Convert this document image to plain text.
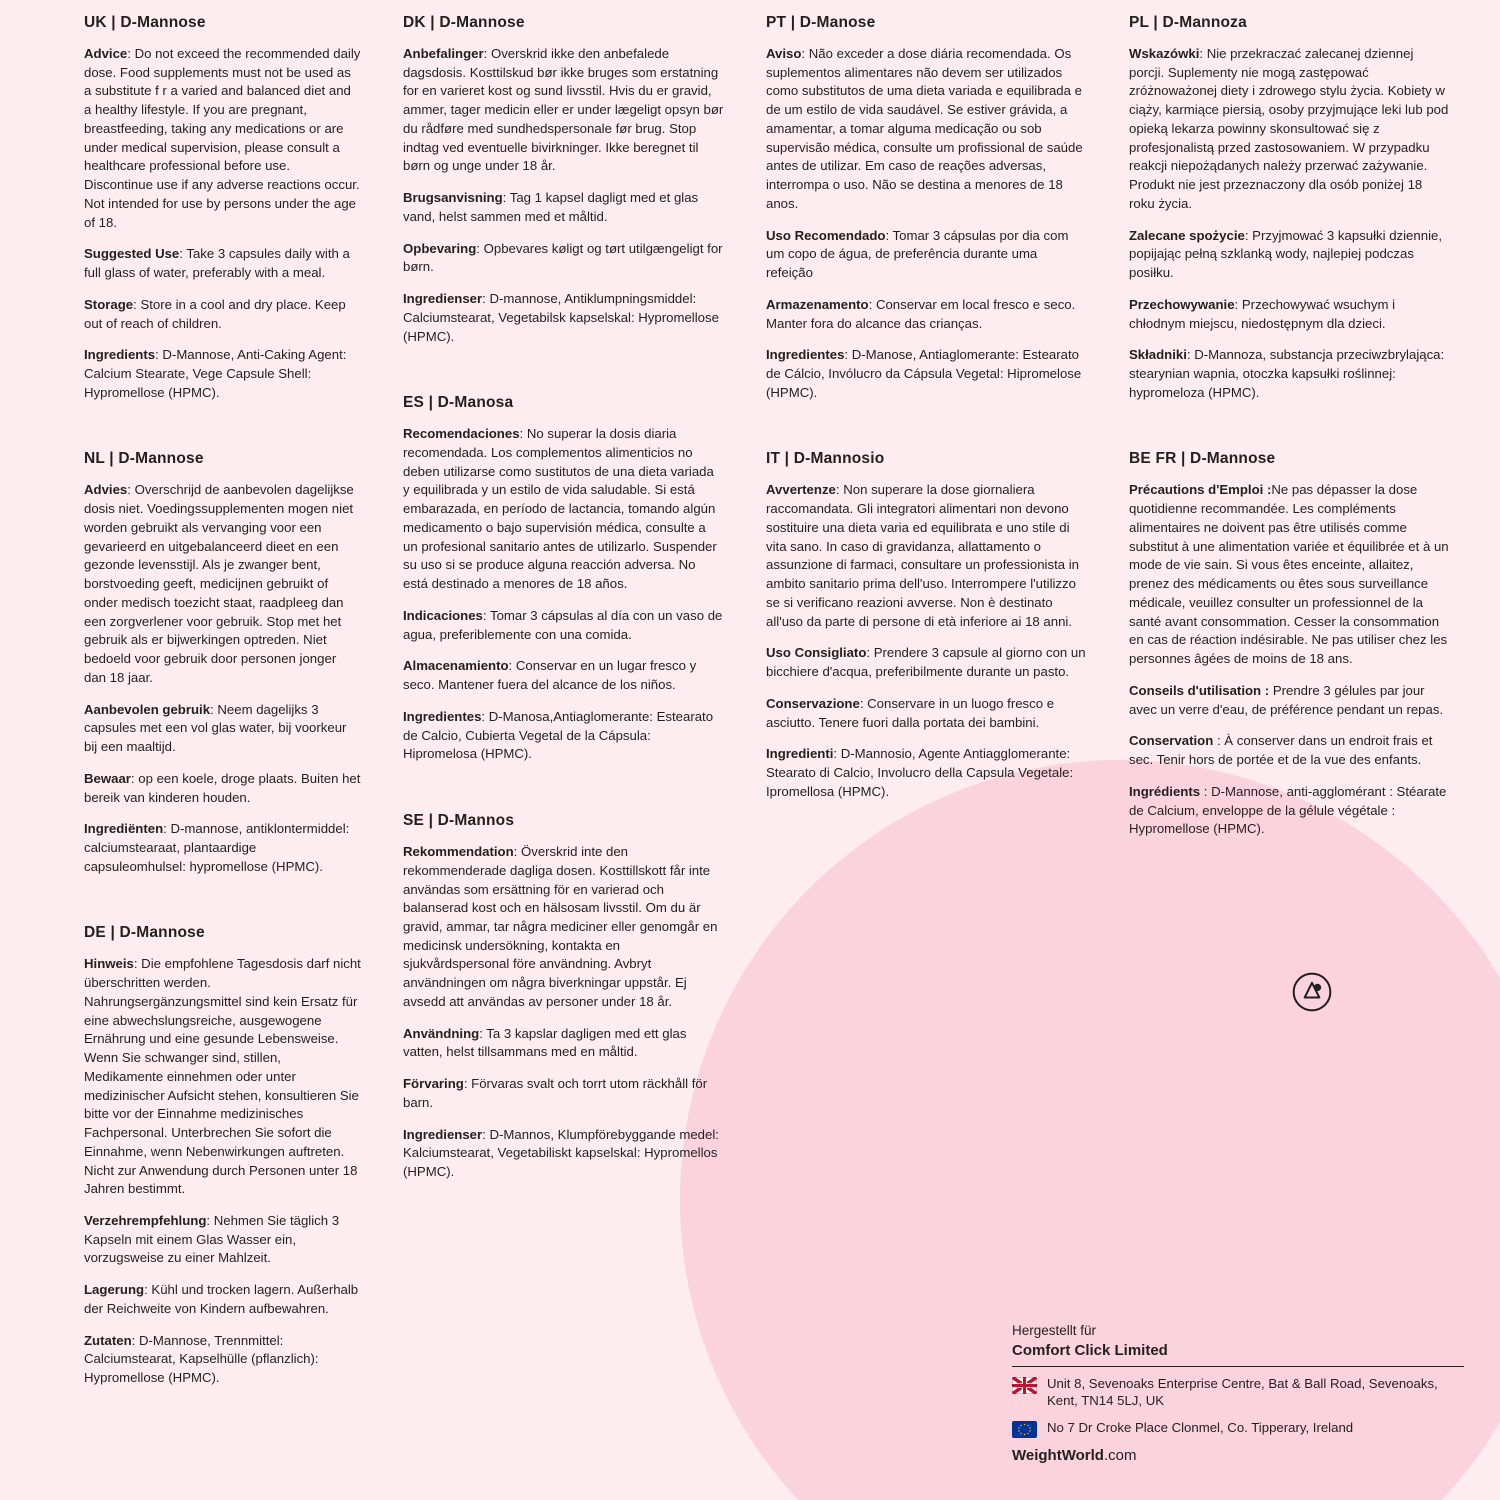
UK | D-Mannose

Advice: Do not exceed the recommended daily dose. Food supplements must not be used as a substitute f r a varied and balanced diet and a healthy lifestyle. If you are pregnant, breastfeeding, taking any medications or are under medical supervision, please consult a healthcare professional before use. Discontinue use if any adverse reactions occur. Not intended for use by persons under the age of 18.

Suggested Use: Take 3 capsules daily with a full glass of water, preferably with a meal.

Storage: Store in a cool and dry place. Keep out of reach of children.

Ingredients: D-Mannose, Anti-Caking Agent: Calcium Stearate, Vege Capsule Shell: Hypromellose (HPMC).

NL | D-Mannose

Advies: Overschrijd de aanbevolen dagelijkse dosis niet. Voedingssupplementen mogen niet worden gebruikt als vervanging voor een gevarieerd en uitgebalanceerd dieet en een gezonde levensstijl. Als je zwanger bent, borstvoeding geeft, medicijnen gebruikt of onder medisch toezicht staat, raadpleeg dan een zorgverlener voor gebruik. Stop met het gebruik als er bijwerkingen optreden. Niet bedoeld voor gebruik door personen jonger dan 18 jaar.

Aanbevolen gebruik: Neem dagelijks 3 capsules met een vol glas water, bij voorkeur bij een maaltijd.

Bewaar: op een koele, droge plaats. Buiten het bereik van kinderen houden.

Ingrediënten: D-mannose, antiklontermiddel: calciumstearaat, plantaardige capsuleomhulsel: hypromellose (HPMC).

DE | D-Mannose

Hinweis: Die empfohlene Tagesdosis darf nicht überschritten werden. Nahrungsergänzungsmittel sind kein Ersatz für eine abwechslungsreiche, ausgewogene Ernährung und eine gesunde Lebensweise. Wenn Sie schwanger sind, stillen, Medikamente einnehmen oder unter medizinischer Aufsicht stehen, konsultieren Sie bitte vor der Einnahme medizinisches Fachpersonal. Unterbrechen Sie sofort die Einnahme, wenn Nebenwirkungen auftreten. Nicht zur Anwendung durch Personen unter 18 Jahren bestimmt.

Verzehrempfehlung: Nehmen Sie täglich 3 Kapseln mit einem Glas Wasser ein, vorzugsweise zu einer Mahlzeit.

Lagerung: Kühl und trocken lagern. Außerhalb der Reichweite von Kindern aufbewahren.

Zutaten: D-Mannose, Trennmittel: Calciumstearat, Kapselhülle (pflanzlich): Hypromellose (HPMC).

DK | D-Mannose

Anbefalinger: Overskrid ikke den anbefalede dagsdosis. Kosttilskud bør ikke bruges som erstatning for en varieret kost og sund livsstil. Hvis du er gravid, ammer, tager medicin eller er under lægeligt opsyn bør du rådføre med sundhedspersonale før brug. Stop indtag ved eventuelle bivirkninger. Ikke beregnet til børn og unge under 18 år.

Brugsanvisning: Tag 1 kapsel dagligt med et glas vand, helst sammen med et måltid.

Opbevaring: Opbevares køligt og tørt utilgængeligt for børn.

Ingredienser: D-mannose, Antiklumpningsmiddel: Calciumstearat, Vegetabilsk kapselskal: Hypromellose (HPMC).

ES | D-Manosa

Recomendaciones: No superar la dosis diaria recomendada. Los complementos alimenticios no deben utilizarse como sustitutos de una dieta variada y equilibrada y un estilo de vida saludable. Si está embarazada, en período de lactancia, tomando algún medicamento o bajo supervisión médica, consulte a un profesional sanitario antes de utilizarlo. Suspender su uso si se produce alguna reacción adversa. No está destinado a menores de 18 años.

Indicaciones: Tomar 3 cápsulas al día con un vaso de agua, preferiblemente con una comida.

Almacenamiento: Conservar en un lugar fresco y seco. Mantener fuera del alcance de los niños.

Ingredientes: D-Manosa,Antiaglomerante: Estearato de Calcio, Cubierta Vegetal de la Cápsula: Hipromelosa (HPMC).

SE | D-Mannos

Rekommendation: Överskrid inte den rekommenderade dagliga dosen. Kosttillskott får inte användas som ersättning för en varierad och balanserad kost och en hälsosam livsstil. Om du är gravid, ammar, tar några mediciner eller genomgår en medicinsk undersökning, kontakta en sjukvårdspersonal före användning. Avbryt användningen om några biverkningar uppstår. Ej avsedd att användas av personer under 18 år.

Användning: Ta 3 kapslar dagligen med ett glas vatten, helst tillsammans med en måltid.

Förvaring: Förvaras svalt och torrt utom räckhåll för barn.

Ingredienser: D-Mannos, Klumpförebyggande medel: Kalciumstearat, Vegetabiliskt kapselskal: Hypromellos (HPMC).

PT | D-Manose

Aviso: Não exceder a dose diária recomendada. Os suplementos alimentares não devem ser utilizados como substitutos de uma dieta variada e equilibrada e de um estilo de vida saudável. Se estiver grávida, a amamentar, a tomar alguma medicação ou sob supervisão médica, consulte um profissional de saúde antes de utilizar. Em caso de reações adversas, interrompa o uso. Não se destina a menores de 18 anos.

Uso Recomendado: Tomar 3 cápsulas por dia com um copo de água, de preferência durante uma refeição

Armazenamento: Conservar em local fresco e seco. Manter fora do alcance das crianças.

Ingredientes: D-Manose, Antiaglomerante: Estearato de Cálcio, Invólucro da Cápsula Vegetal: Hipromelose (HPMC).

IT | D-Mannosio

Avvertenze: Non superare la dose giornaliera raccomandata. Gli integratori alimentari non devono sostituire una dieta varia ed equilibrata e uno stile di vita sano. In caso di gravidanza, allattamento o assunzione di farmaci, consultare un professionista in ambito sanitario prima dell'uso. Interrompere l'utilizzo se si verificano reazioni avverse. Non è destinato all'uso da parte di persone di età inferiore ai 18 anni.

Uso Consigliato: Prendere 3 capsule al giorno con un bicchiere d'acqua, preferibilmente durante un pasto.

Conservazione: Conservare in un luogo fresco e asciutto. Tenere fuori dalla portata dei bambini.

Ingredienti: D-Mannosio, Agente Antiagglomerante: Stearato di Calcio, Involucro della Capsula Vegetale: Ipromellosa (HPMC).

PL | D-Mannoza

Wskazówki: Nie przekraczać zalecanej dziennej porcji. Suplementy nie mogą zastępować zróżnoważonej diety i zdrowego stylu życia. Kobiety w ciąży, karmiące piersią, osoby przyjmujące leki lub pod opieką lekarza powinny skonsultować się z profesjonalistą przed zastosowaniem. W przypadku reakcji niepożądanych należy przerwać zażywanie. Produkt nie jest przeznaczony dla osób poniżej 18 roku życia.

Zalecane spożycie: Przyjmować 3 kapsułki dziennie, popijając pełną szklanką wody, najlepiej podczas posiłku.

Przechowywanie: Przechowywać wsuchym i chłodnym miejscu, niedostępnym dla dzieci.

Składniki: D-Mannoza, substancja przeciwzbrylająca: stearynian wapnia, otoczka kapsułki roślinnej: hypromeloza (HPMC).

BE FR | D-Mannose

Précautions d'Emploi :Ne pas dépasser la dose quotidienne recommandée. Les compléments alimentaires ne doivent pas être utilisés comme substitut à une alimentation variée et équilibrée et à un mode de vie sain. Si vous êtes enceinte, allaitez, prenez des médicaments ou êtes sous surveillance médicale, veuillez consulter un professionnel de la santé avant consommation. Cesser la consommation en cas de réaction indésirable. Ne pas utiliser chez les personnes âgées de moins de 18 ans.

Conseils d'utilisation : Prendre 3 gélules par jour avec un verre d'eau, de préférence pendant un repas.

Conservation : À conserver dans un endroit frais et sec. Tenir hors de portée et de la vue des enfants.

Ingrédients : D-Mannose, anti-agglomérant : Stéarate de Calcium, enveloppe de la gélule végétale : Hypromellose (HPMC).

Hergestellt für
Comfort Click Limited
Unit 8, Sevenoaks Enterprise Centre, Bat & Ball Road, Sevenoaks, Kent, TN14 5LJ, UK
No 7 Dr Croke Place Clonmel, Co. Tipperary, Ireland
WeightWorld.com
